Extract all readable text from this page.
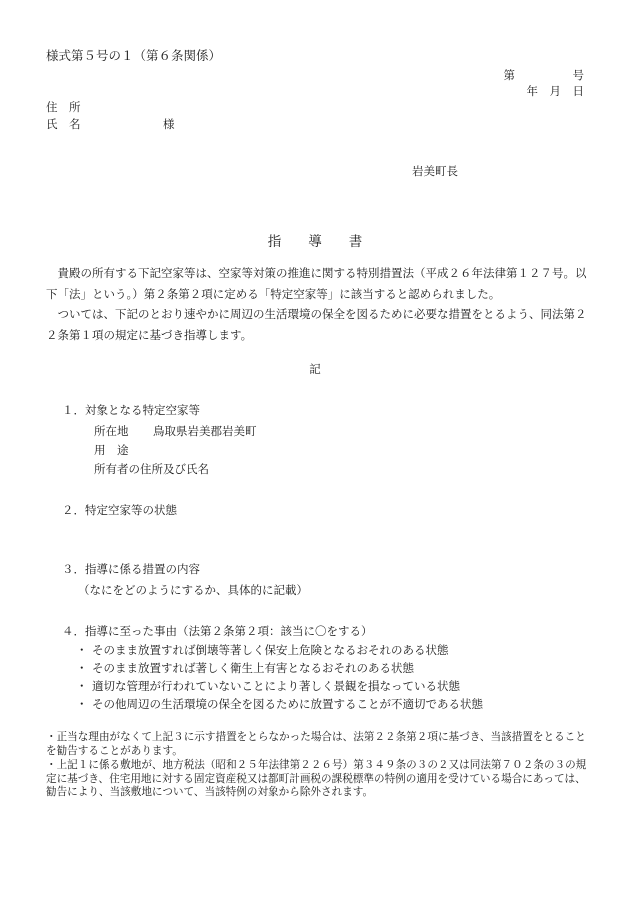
様式第５号の１（第６条関係）
第　　　　　号
年　月　日
住　所
氏　名	様
岩美町長
指　　導　　書
　貴殿の所有する下記空家等は、空家等対策の推進に関する特別措置法（平成２６年法律第１２７号。以下「法」という。）第２条第２項に定める「特定空家等」に該当すると認められました。
　ついては、下記のとおり速やかに周辺の生活環境の保全を図るために必要な措置をとるよう、同法第２２条第１項の規定に基づき指導します。
記
１．対象となる特定空家等
所在地 鳥取県岩美郡岩美町
用　途
所有者の住所及び氏名
２．特定空家等の状態
３．指導に係る措置の内容
（なにをどのようにするか、具体的に記載）
４．指導に至った事由（法第２条第２項：該当に〇をする）
・ そのまま放置すれば倒壊等著しく保安上危険となるおそれのある状態
・ そのまま放置すれば著しく衛生上有害となるおそれのある状態
・ 適切な管理が行われていないことにより著しく景観を損なっている状態
・ その他周辺の生活環境の保全を図るために放置することが不適切である状態
・正当な理由がなくて上記３に示す措置をとらなかった場合は、法第２２条第２項に基づき、当該措置をとることを勧告することがあります。
・上記１に係る敷地が、地方税法（昭和２５年法律第２２６号）第３４９条の３の２又は同法第７０２条の３の規定に基づき、住宅用地に対する固定資産税又は都町計画税の課税標準の特例の適用を受けている場合にあっては、勧告により、当該敷地について、当該特例の対象から除外されます。
